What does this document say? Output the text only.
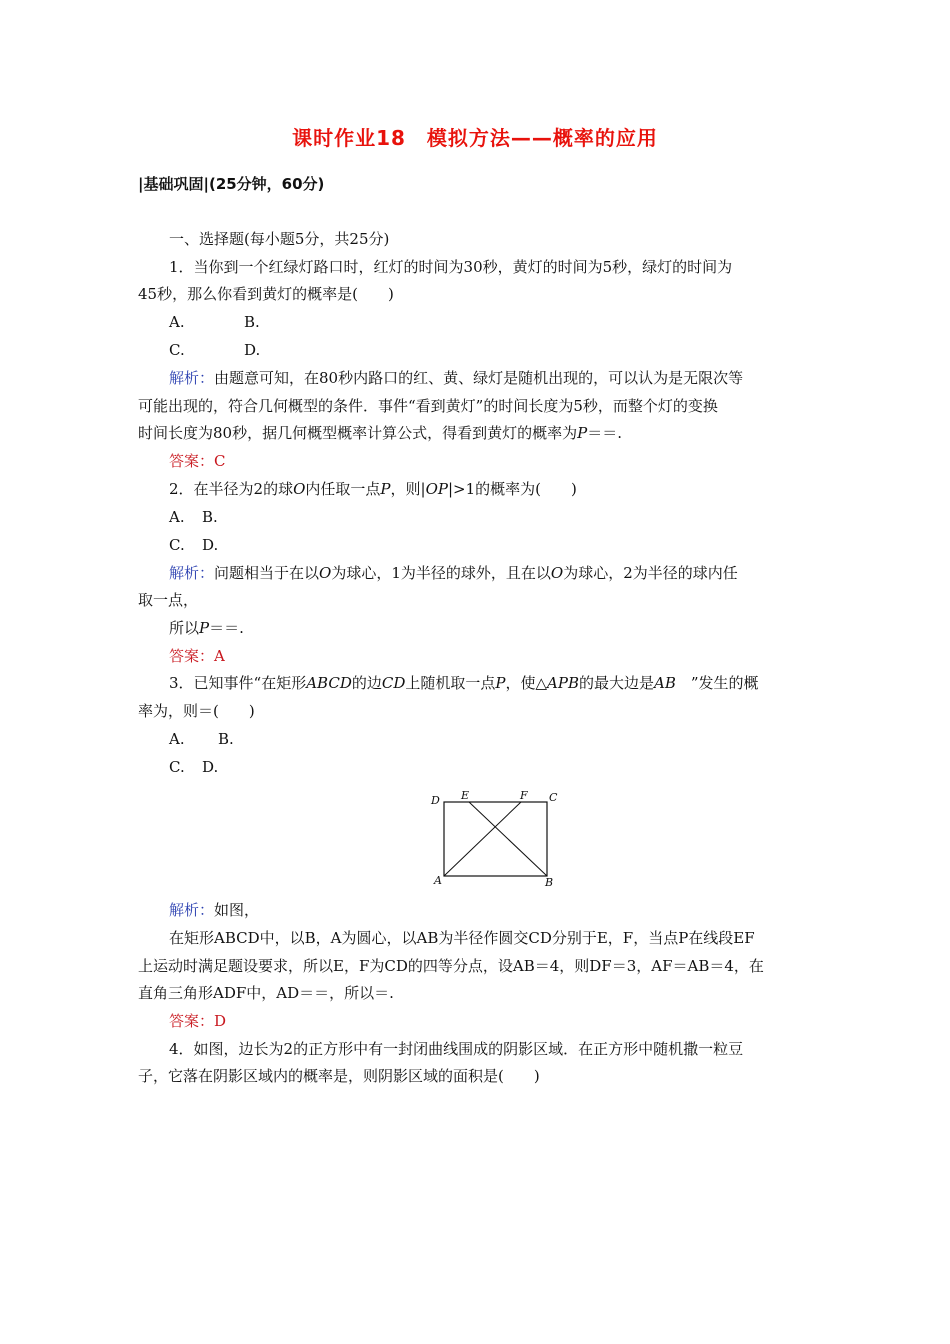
课时作业18　模拟方法——概率的应用
|基础巩固|(25分钟，60分)
一、选择题(每小题5分，共25分)
1．当你到一个红绿灯路口时，红灯的时间为30秒，黄灯的时间为5秒，绿灯的时间为
45秒，那么你看到黄灯的概率是(　　)
A.	B.
C.	D.
解析：由题意可知，在80秒内路口的红、黄、绿灯是随机出现的，可以认为是无限次等
可能出现的，符合几何概型的条件．事件“看到黄灯”的时间长度为5秒，而整个灯的变换
时间长度为80秒，据几何概型概率计算公式，得看到黄灯的概率为P＝＝.
答案：C
2．在半径为2的球O内任取一点P，则|OP|>1的概率为(　　)
A. B.
C. D.
解析：问题相当于在以O为球心，1为半径的球外，且在以O为球心，2为半径的球内任
取一点，
所以P＝＝.
答案：A
3．已知事件“在矩形ABCD的边CD上随机取一点P，使△APB的最大边是AB　”发生的概
率为，则＝(　　)
A. B.
C. D.
D E	F C
A	B
解析：如图，
在矩形ABCD中，以B，A为圆心，以AB为半径作圆交CD分别于E，F，当点P在线段EF
上运动时满足题设要求，所以E，F为CD的四等分点，设AB＝4，则DF＝3，AF＝AB＝4，在
直角三角形ADF中，AD＝＝，所以＝.
答案：D
4．如图，边长为2的正方形中有一封闭曲线围成的阴影区域．在正方形中随机撒一粒豆
子，它落在阴影区域内的概率是，则阴影区域的面积是(　　)
